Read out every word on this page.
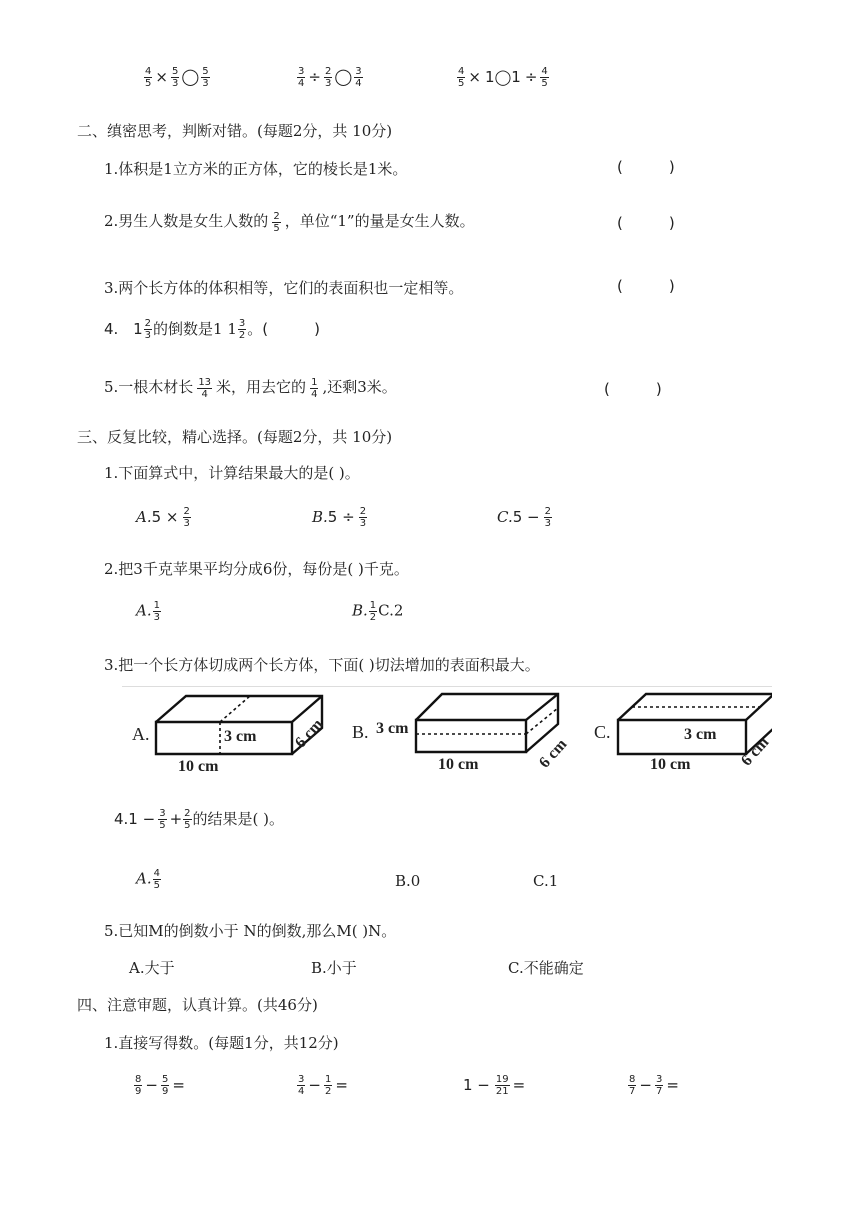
$\frac{4}{5} \times \frac{5}{3}$ ◯ $\frac{5}{3}$	$\frac{3}{4} \div \frac{2}{3}$ ◯ $\frac{3}{4}$	$\frac{4}{5}$ × 1◯1 ÷ $\frac{4}{5}$
二、缜密思考，判断对错。(每题2分，共 10分)
1.体积是1立方米的正方体，它的棱长是1米。	(	)
2.男生人数是女生人数的 $\frac{2}{5}$ ，单位“1”的量是女生人数。	(	)
3.两个长方体的体积相等，它们的表面积也一定相等。	(	)
4. $1 \frac{2}{3}$ 的倒数是1 $1 \frac{3}{2}$ 。(	)
5.一根木材长 $\frac{13}{4}$ 米，用去它的 $\frac{1}{4}$ ,还剩3米。	(	)
三、反复比较，精心选择。(每题2分，共 10分)
1.下面算式中，计算结果最大的是( )。
$A.5 \times \frac{2}{3}$	$B.5 \div \frac{2}{3}$	$C.5 - \frac{2}{3}$
2.把3千克苹果平均分成6份，每份是( )千克。
A. $\frac{1}{3}$	B. $\frac{1}{2} C.2$
3.把一个长方体切成两个长方体，下面( )切法增加的表面积最大。
A.	3 cm
10 cm
6 cm B. 3 cm
10 cm	6 cm
C.	3 cm
10 cm	6 cm
$4.1 - \frac{3}{5} + \frac{2}{5}$ 的结果是( )。
A. $\frac{4}{5}$	B.0	C.1
5.已知M的倒数小于 N的倒数,那么M( )N。
A.大于	B.小于	C.不能确定
四、注意审题，认真计算。(共46分)
1.直接写得数。(每题1分，共12分)
$\frac{8}{9} - \frac{5}{9}$ =	$\frac{3}{4} - \frac{1}{2}$ =	$1 - \frac{19}{21}$ =	$\frac{8}{7} - \frac{3}{7}$ =
